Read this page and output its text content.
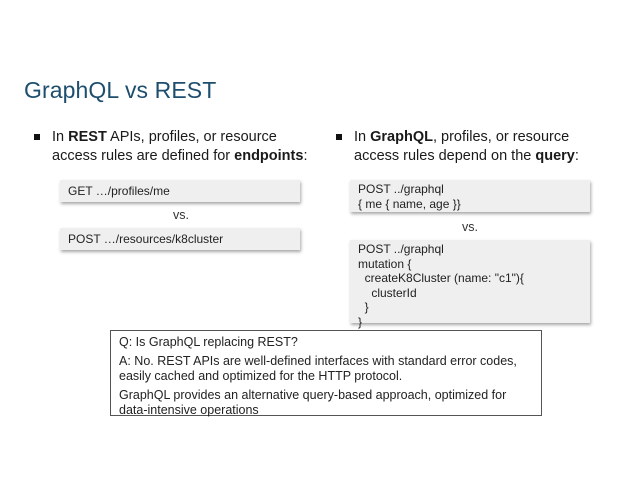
GraphQL vs REST
In REST APIs, profiles, or resource access rules are defined for endpoints:
In GraphQL, profiles, or resource access rules depend on the query:
GET …/profiles/me
vs.
POST …/resources/k8cluster
POST ../graphql
{ me { name, age }}
vs.
POST ../graphql
mutation {
createK8Cluster (name: "c1"){
clusterId
}
}

Q: Is GraphQL replacing REST?

A: No. REST APIs are well-defined interfaces with standard error codes, easily cached and optimized for the HTTP protocol.

GraphQL provides an alternative query-based approach, optimized for data-intensive operations
